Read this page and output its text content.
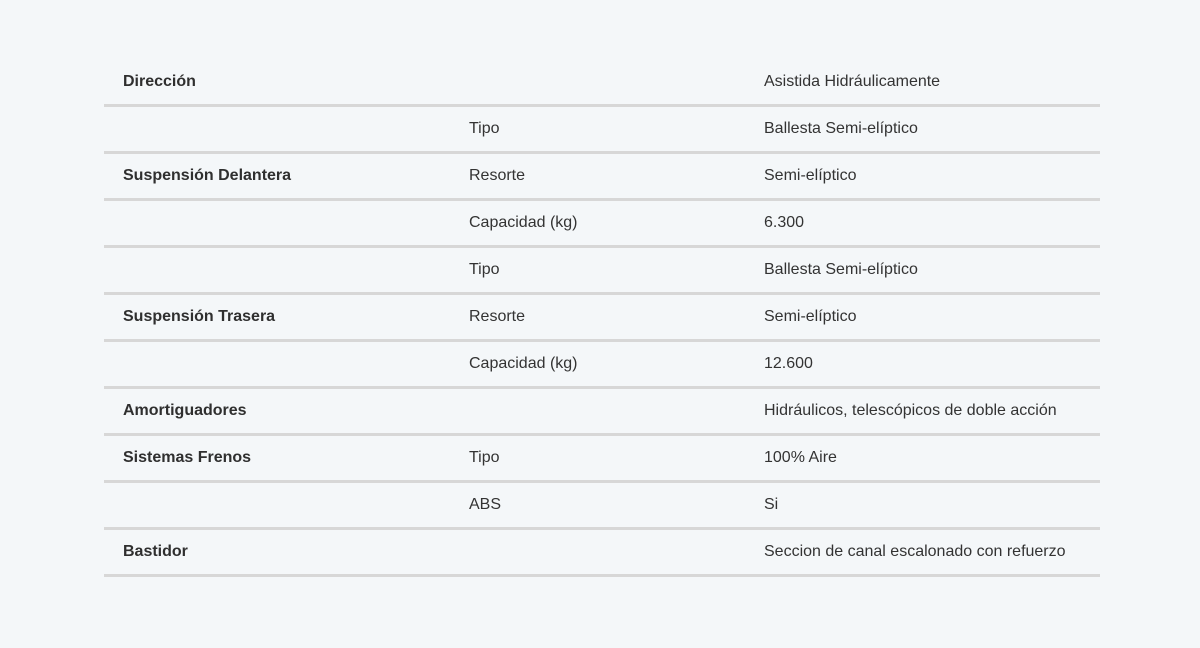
Dirección		Asistida Hidráulicamente
	Tipo	Ballesta Semi-elíptico
Suspensión Delantera	Resorte	Semi-elíptico
	Capacidad (kg)	6.300
	Tipo	Ballesta Semi-elíptico
Suspensión Trasera	Resorte	Semi-elíptico
	Capacidad (kg)	12.600
Amortiguadores		Hidráulicos, telescópicos de doble acción
Sistemas Frenos	Tipo	100% Aire
	ABS	Si
Bastidor		Seccion de canal escalonado con refuerzo
